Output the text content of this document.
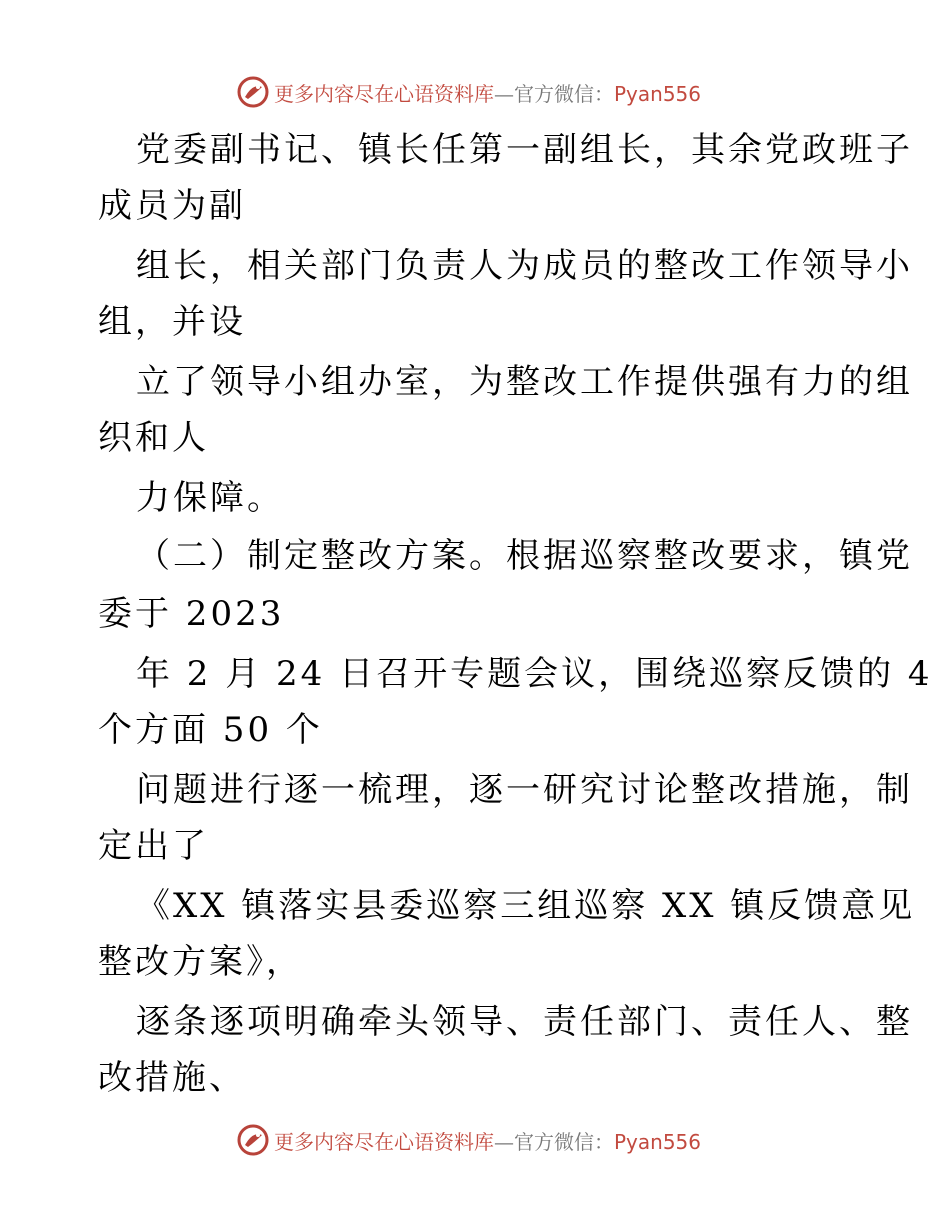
更多内容尽在心语资料库—官方微信：Pyan556
党委副书记、镇长任第一副组长，其余党政班子
成员为副
组长，相关部门负责人为成员的整改工作领导小
组，并设
立了领导小组办室，为整改工作提供强有力的组
织和人
力保障。
（二）制定整改方案。根据巡察整改要求，镇党
委于 2023
年 2 月 24 日召开专题会议，围绕巡察反馈的 4
个方面 50 个
问题进行逐一梳理，逐一研究讨论整改措施，制
定出了
《XX 镇落实县委巡察三组巡察 XX 镇反馈意见
整改方案》，
逐条逐项明确牵头领导、责任部门、责任人、整
改措施、
更多内容尽在心语资料库—官方微信：Pyan556
